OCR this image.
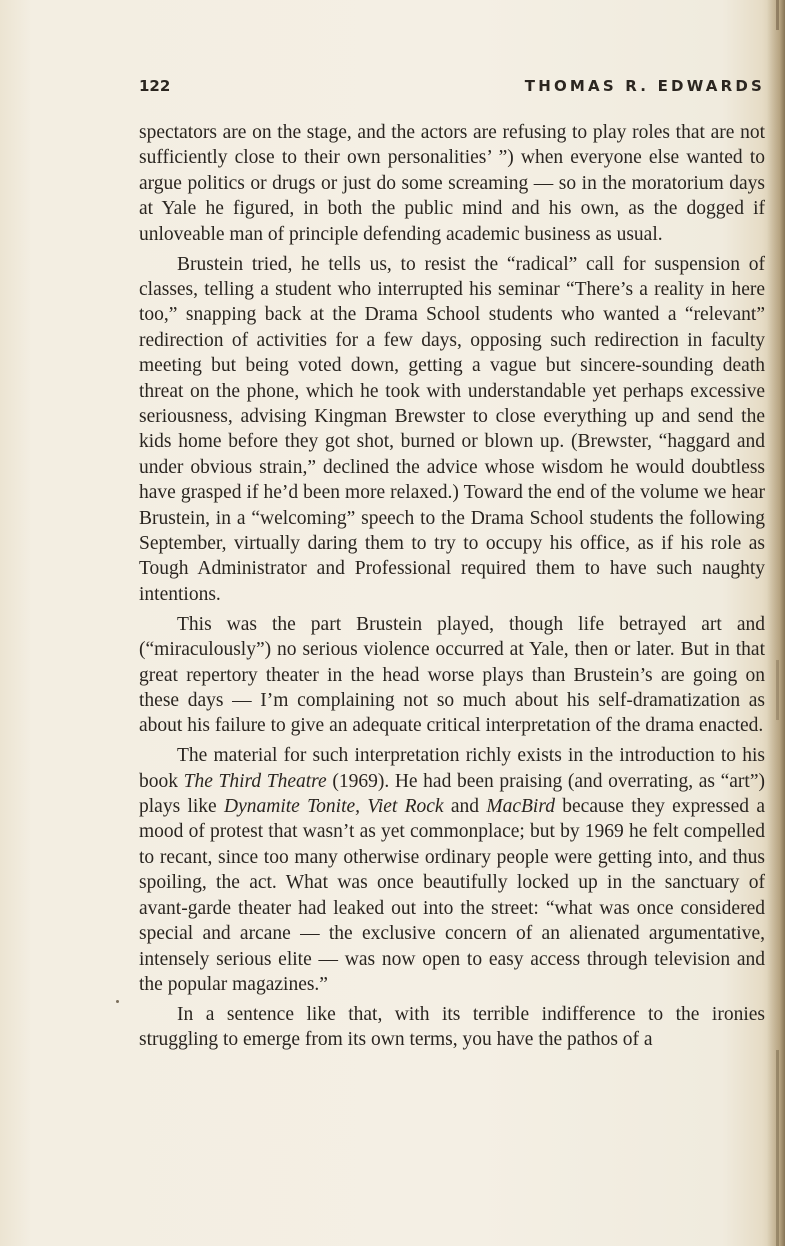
122	THOMAS R. EDWARDS

spectators are on the stage, and the actors are refusing to play roles that are not sufficiently close to their own personalities’ ”) when everyone else wanted to argue politics or drugs or just do some screaming — so in the moratorium days at Yale he figured, in both the public mind and his own, as the dogged if unloveable man of principle defending academic business as usual.

Brustein tried, he tells us, to resist the “radical” call for suspension of classes, telling a student who interrupted his seminar “There’s a reality in here too,” snapping back at the Drama School students who wanted a “relevant” redirection of activities for a few days, opposing such redirection in faculty meeting but being voted down, getting a vague but sincere-sounding death threat on the phone, which he took with understandable yet perhaps excessive seriousness, advising Kingman Brewster to close everything up and send the kids home before they got shot, burned or blown up. (Brewster, “haggard and under obvious strain,” declined the advice whose wisdom he would doubtless have grasped if he’d been more relaxed.) Toward the end of the volume we hear Brustein, in a “welcoming” speech to the Drama School students the following September, virtually daring them to try to occupy his office, as if his role as Tough Administrator and Professional required them to have such naughty intentions.

This was the part Brustein played, though life betrayed art and (“miraculously”) no serious violence occurred at Yale, then or later. But in that great repertory theater in the head worse plays than Brustein’s are going on these days — I’m complaining not so much about his self-dramatization as about his failure to give an adequate critical interpretation of the drama enacted.

The material for such interpretation richly exists in the introduction to his book The Third Theatre (1969). He had been praising (and overrating, as “art”) plays like Dynamite Tonite, Viet Rock and MacBird because they expressed a mood of protest that wasn’t as yet commonplace; but by 1969 he felt compelled to recant, since too many otherwise ordinary people were getting into, and thus spoiling, the act. What was once beautifully locked up in the sanctuary of avant-garde theater had leaked out into the street: “what was once considered special and arcane — the exclusive concern of an alienated argumentative, intensely serious elite — was now open to easy access through television and the popular magazines.”

In a sentence like that, with its terrible indifference to the ironies struggling to emerge from its own terms, you have the pathos of a
